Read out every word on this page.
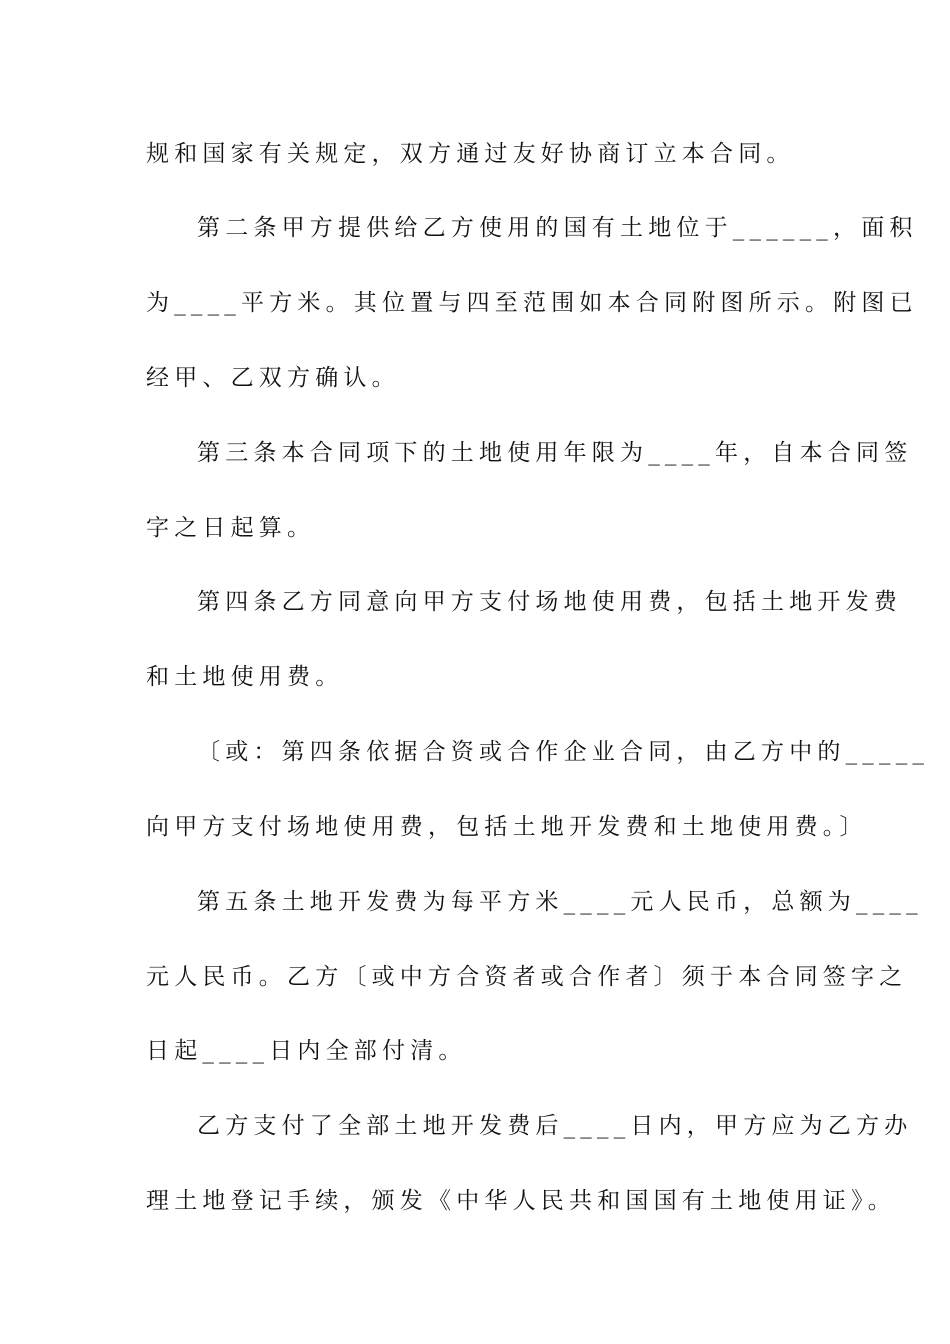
规和国家有关规定，双方通过友好协商订立本合同。
第二条甲方提供给乙方使用的国有土地位于______，面积
为____平方米。其位置与四至范围如本合同附图所示。附图已
经甲、乙双方确认。
第三条本合同项下的土地使用年限为____年，自本合同签
字之日起算。
第四条乙方同意向甲方支付场地使用费，包括土地开发费
和土地使用费。
〔或：第四条依据合资或合作企业合同，由乙方中的_____
向甲方支付场地使用费，包括土地开发费和土地使用费。〕
第五条土地开发费为每平方米____元人民币，总额为____
元人民币。乙方〔或中方合资者或合作者〕须于本合同签字之
日起____日内全部付清。
乙方支付了全部土地开发费后____日内，甲方应为乙方办
理土地登记手续，颁发《中华人民共和国国有土地使用证》。
